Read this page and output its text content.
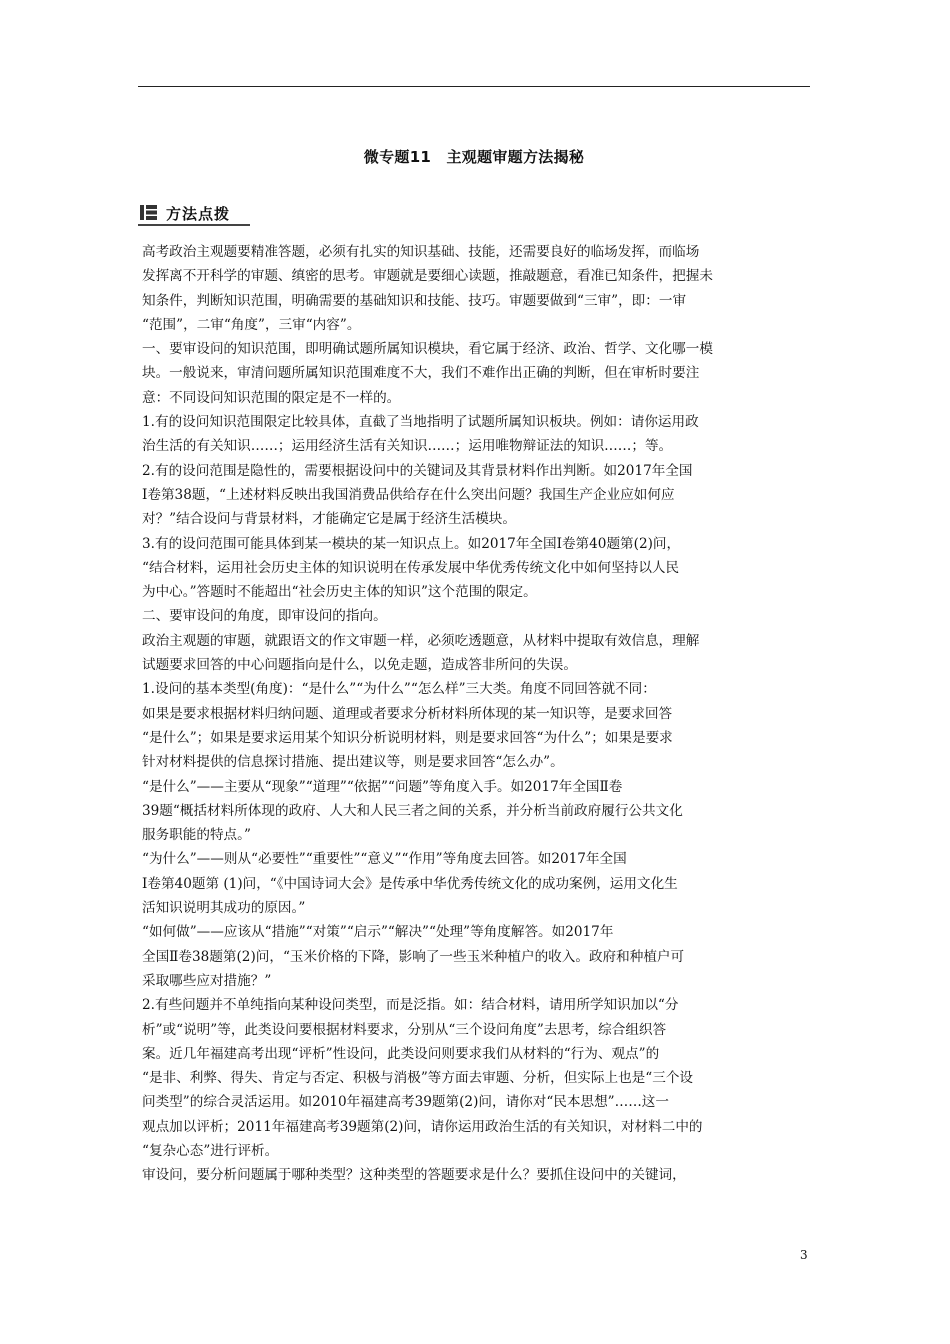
微专题11　主观题审题方法揭秘
方法点拨
高考政治主观题要精准答题，必须有扎实的知识基础、技能，还需要良好的临场发挥，而临场
发挥离不开科学的审题、缜密的思考。审题就是要细心读题，推敲题意，看准已知条件，把握未
知条件，判断知识范围，明确需要的基础知识和技能、技巧。审题要做到“三审”，即：一审
“范围”，二审“角度”，三审“内容”。
一、要审设问的知识范围，即明确试题所属知识模块，看它属于经济、政治、哲学、文化哪一模
块。一般说来，审清问题所属知识范围难度不大，我们不难作出正确的判断，但在审析时要注
意：不同设问知识范围的限定是不一样的。
1.有的设问知识范围限定比较具体，直截了当地指明了试题所属知识板块。例如：请你运用政
治生活的有关知识……；运用经济生活有关知识……；运用唯物辩证法的知识……；等。
2.有的设问范围是隐性的，需要根据设问中的关键词及其背景材料作出判断。如2017年全国
Ⅰ卷第38题，“上述材料反映出我国消费品供给存在什么突出问题？我国生产企业应如何应
对？”结合设问与背景材料，才能确定它是属于经济生活模块。
3.有的设问范围可能具体到某一模块的某一知识点上。如2017年全国Ⅰ卷第40题第(2)问，
“结合材料，运用社会历史主体的知识说明在传承发展中华优秀传统文化中如何坚持以人民
为中心。”答题时不能超出“社会历史主体的知识”这个范围的限定。
二、要审设问的角度，即审设问的指向。
政治主观题的审题，就跟语文的作文审题一样，必须吃透题意，从材料中提取有效信息，理解
试题要求回答的中心问题指向是什么，以免走题，造成答非所问的失误。
1.设问的基本类型(角度)：“是什么”“为什么”“怎么样”三大类。角度不同回答就不同：
如果是要求根据材料归纳问题、道理或者要求分析材料所体现的某一知识等，是要求回答
“是什么”；如果是要求运用某个知识分析说明材料，则是要求回答“为什么”；如果是要求
针对材料提供的信息探讨措施、提出建议等，则是要求回答“怎么办”。
“是什么”——主要从“现象”“道理”“依据”“问题”等角度入手。如2017年全国Ⅱ卷
39题“概括材料所体现的政府、人大和人民三者之间的关系，并分析当前政府履行公共文化
服务职能的特点。”
“为什么”——则从“必要性”“重要性”“意义”“作用”等角度去回答。如2017年全国
Ⅰ卷第40题第 (1)问，“《中国诗词大会》是传承中华优秀传统文化的成功案例，运用文化生
活知识说明其成功的原因。”
“如何做”——应该从“措施”“对策”“启示”“解决”“处理”等角度解答。如2017年
全国Ⅱ卷38题第(2)问，“玉米价格的下降，影响了一些玉米种植户的收入。政府和种植户可
采取哪些应对措施？”
2.有些问题并不单纯指向某种设问类型，而是泛指。如：结合材料，请用所学知识加以“分
析”或“说明”等，此类设问要根据材料要求，分别从“三个设问角度”去思考，综合组织答
案。近几年福建高考出现“评析”性设问，此类设问则要求我们从材料的“行为、观点”的
“是非、利弊、得失、肯定与否定、积极与消极”等方面去审题、分析，但实际上也是“三个设
问类型”的综合灵活运用。如2010年福建高考39题第(2)问，请你对“民本思想”……这一
观点加以评析；2011年福建高考39题第(2)问，请你运用政治生活的有关知识，对材料二中的
“复杂心态”进行评析。
审设问，要分析问题属于哪种类型？这种类型的答题要求是什么？要抓住设问中的关键词，
3
